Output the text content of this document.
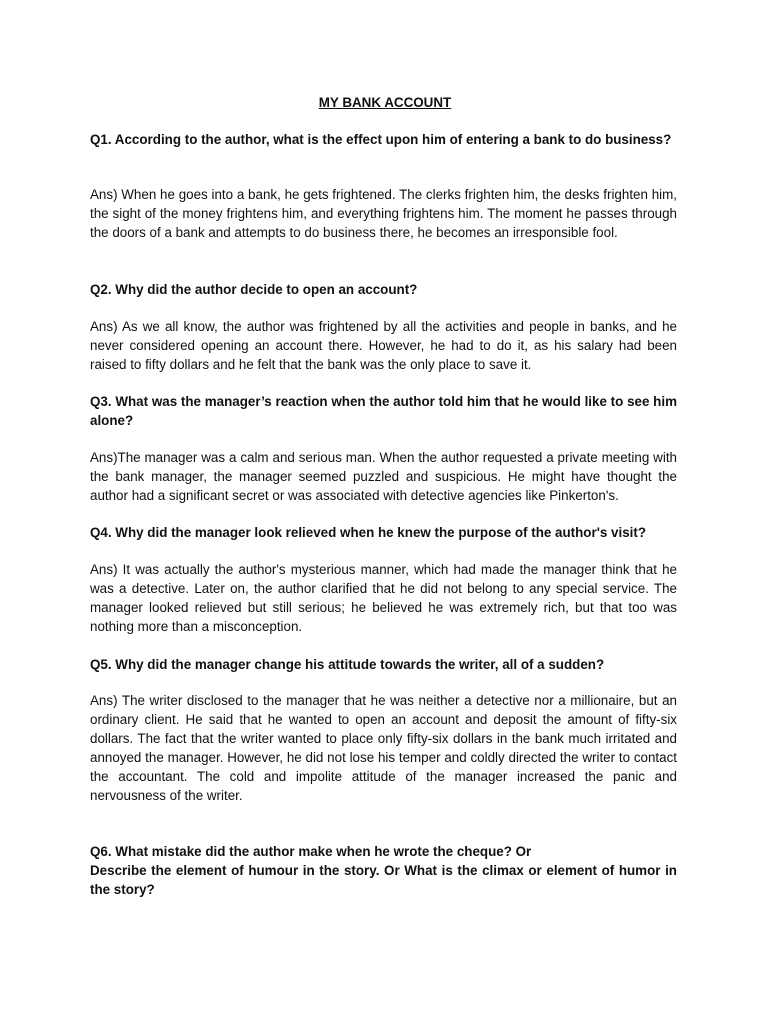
MY BANK ACCOUNT

Q1. According to the author, what is the effect upon him of entering a bank to do business?

Ans) When he goes into a bank, he gets frightened. The clerks frighten him, the desks frighten him, the sight of the money frightens him, and everything frightens him. The moment he passes through the doors of a bank and attempts to do business there, he becomes an irresponsible fool.

Q2. Why did the author decide to open an account?

Ans) As we all know, the author was frightened by all the activities and people in banks, and he never considered opening an account there. However, he had to do it, as his salary had been raised to fifty dollars and he felt that the bank was the only place to save it.

Q3. What was the manager’s reaction when the author told him that he would like to see him alone?

Ans)The manager was a calm and serious man. When the author requested a private meeting with the bank manager, the manager seemed puzzled and suspicious. He might have thought the author had a significant secret or was associated with detective agencies like Pinkerton's.

Q4. Why did the manager look relieved when he knew the purpose of the author's visit?

Ans) It was actually the author's mysterious manner, which had made the manager think that he was a detective. Later on, the author clarified that he did not belong to any special service. The manager looked relieved but still serious; he believed he was extremely rich, but that too was nothing more than a misconception.

Q5. Why did the manager change his attitude towards the writer, all of a sudden?

Ans) The writer disclosed to the manager that he was neither a detective nor a millionaire, but an ordinary client. He said that he wanted to open an account and deposit the amount of fifty-six dollars. The fact that the writer wanted to place only fifty-six dollars in the bank much irritated and annoyed the manager. However, he did not lose his temper and coldly directed the writer to contact the accountant. The cold and impolite attitude of the manager increased the panic and nervousness of the writer.

Q6. What mistake did the author make when he wrote the cheque? Or

Describe the element of humour in the story. Or What is the climax or element of humor in the story?
